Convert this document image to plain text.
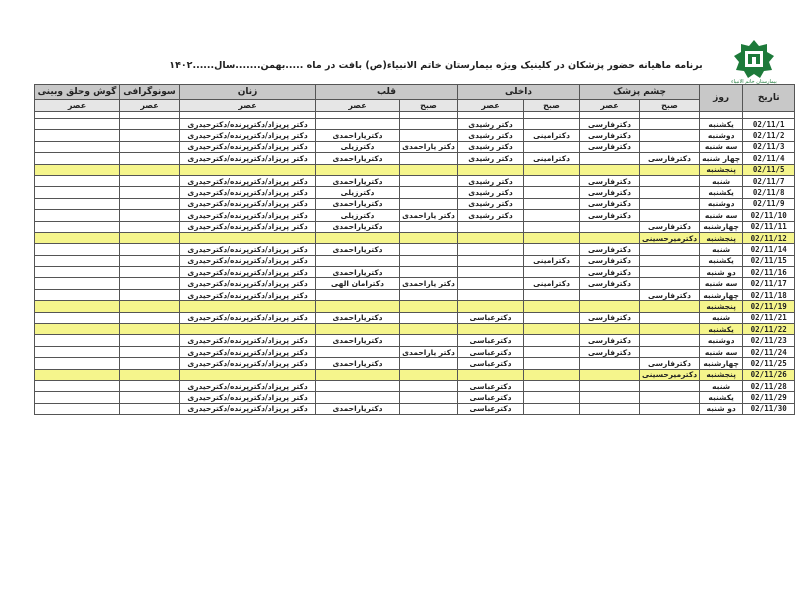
بیمارستان خاتم الانبیاء
برنامه ماهیانه حضور پزشکان در کلینیک ویژه بیمارستان خاتم الانبیاء(ص) بافت در ماه .....بهمن.......سال......۱۴۰۲
تاریخ	روز	چشم پزشک		داخلی		قلب		زنان	سونوگرافی	گوش وحلق وبینی
		صبح	عصر	صبح	عصر	صبح	عصر	عصر	عصر	عصر

02/11/1	یکشنبه		دکترفارسی		دکتر رشیدی			دکتر پریزاد/دکترپرنده/دکترحیدری		
02/11/2	دوشنبه		دکترفارسی	دکترامینی	دکتر رشیدی		دکتریاراحمدی	دکتر پریزاد/دکترپرنده/دکترحیدری		
02/11/3	سه شنبه		دکترفارسی		دکتر رشیدی	دکتر یاراحمدی	دکترزیلی	دکتر پریزاد/دکترپرنده/دکترحیدری		
02/11/4	چهار شنبه	دکترفارسی		دکترامینی	دکتر رشیدی		دکتریاراحمدی	دکتر پریزاد/دکترپرنده/دکترحیدری		
02/11/5	پنجشنبه									
02/11/7	شنبه		دکترفارسی		دکتر رشیدی		دکتریاراحمدی	دکتر پریزاد/دکترپرنده/دکترحیدری		
02/11/8	یکشنبه		دکترفارسی		دکتر رشیدی		دکترزیلی	دکتر پریزاد/دکترپرنده/دکترحیدری		
02/11/9	دوشنبه		دکترفارسی		دکتر رشیدی		دکتریاراحمدی	دکتر پریزاد/دکترپرنده/دکترحیدری		
02/11/10	سه شنبه		دکترفارسی		دکتر رشیدی	دکتر یاراحمدی	دکترزیلی	دکتر پریزاد/دکترپرنده/دکترحیدری		
02/11/11	چهارشنبه	دکترفارسی					دکتریاراحمدی	دکتر پریزاد/دکترپرنده/دکترحیدری		
02/11/12	پنجشنبه	دکترمیرحسینی								
02/11/14	شنبه		دکترفارسی				دکتریاراحمدی	دکتر پریزاد/دکترپرنده/دکترحیدری		
02/11/15	یکشنبه		دکترفارسی	دکترامینی				دکتر پریزاد/دکترپرنده/دکترحیدری		
02/11/16	دو شنبه		دکترفارسی				دکتریاراحمدی	دکتر پریزاد/دکترپرنده/دکترحیدری		
02/11/17	سه شنبه		دکترفارسی	دکترامینی		دکتر یاراحمدی	دکترامان الهی	دکتر پریزاد/دکترپرنده/دکترحیدری		
02/11/18	چهارشنبه	دکترفارسی						دکتر پریزاد/دکترپرنده/دکترحیدری		
02/11/19	پنجشنبه									
02/11/21	شنبه		دکترفارسی		دکترعباسی		دکتریاراحمدی	دکتر پریزاد/دکترپرنده/دکترحیدری		
02/11/22	یکشنبه									
02/11/23	دوشنبه		دکترفارسی		دکترعباسی		دکتریاراحمدی	دکتر پریزاد/دکترپرنده/دکترحیدری		
02/11/24	سه شنبه		دکترفارسی		دکترعباسی	دکتر یاراحمدی		دکتر پریزاد/دکترپرنده/دکترحیدری		
02/11/25	چهارشنبه	دکترفارسی			دکترعباسی		دکتریاراحمدی	دکتر پریزاد/دکترپرنده/دکترحیدری		
02/11/26	پنجشنبه	دکترمیرحسینی								
02/11/28	شنبه				دکترعباسی			دکتر پریزاد/دکترپرنده/دکترحیدری		
02/11/29	یکشنبه				دکترعباسی			دکتر پریزاد/دکترپرنده/دکترحیدری		
02/11/30	دو شنبه				دکترعباسی		دکتریاراحمدی	دکتر پریزاد/دکترپرنده/دکترحیدری		
